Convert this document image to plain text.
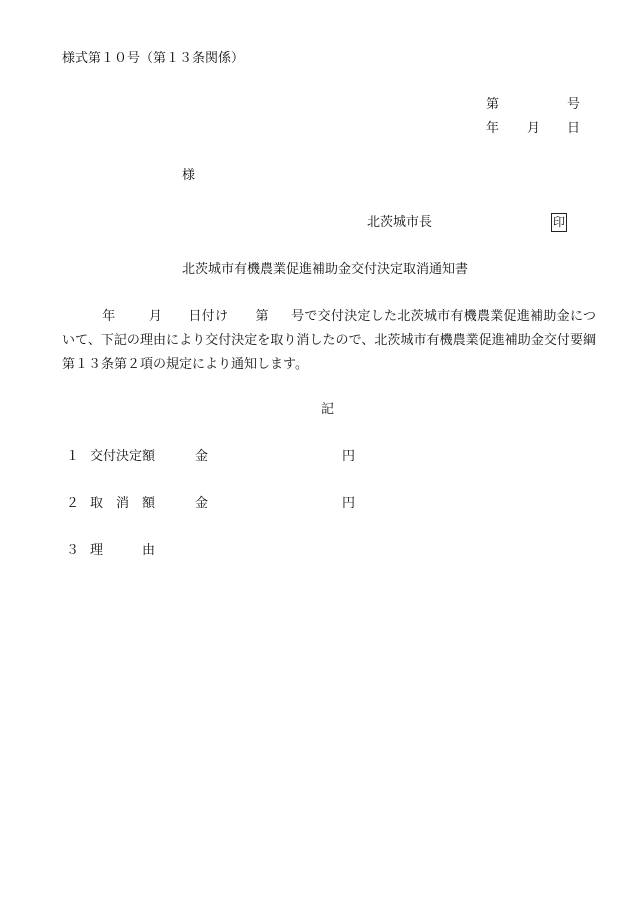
様式第１０号（第１３条関係）
第	号
年 月 日
様
北茨城市長	印
北茨城市有機農業促進補助金交付決定取消通知書
年	月 日付け 第 号で交付決定した北茨城市有機農業促進補助金について、下記の理由により交付決定を取り消したので、北茨城市有機農業促進補助金交付要綱第１３条第２項の規定により通知します。
記
１ 交付決定額	金	円
２ 取　消　額	金	円
３ 理　　　由
